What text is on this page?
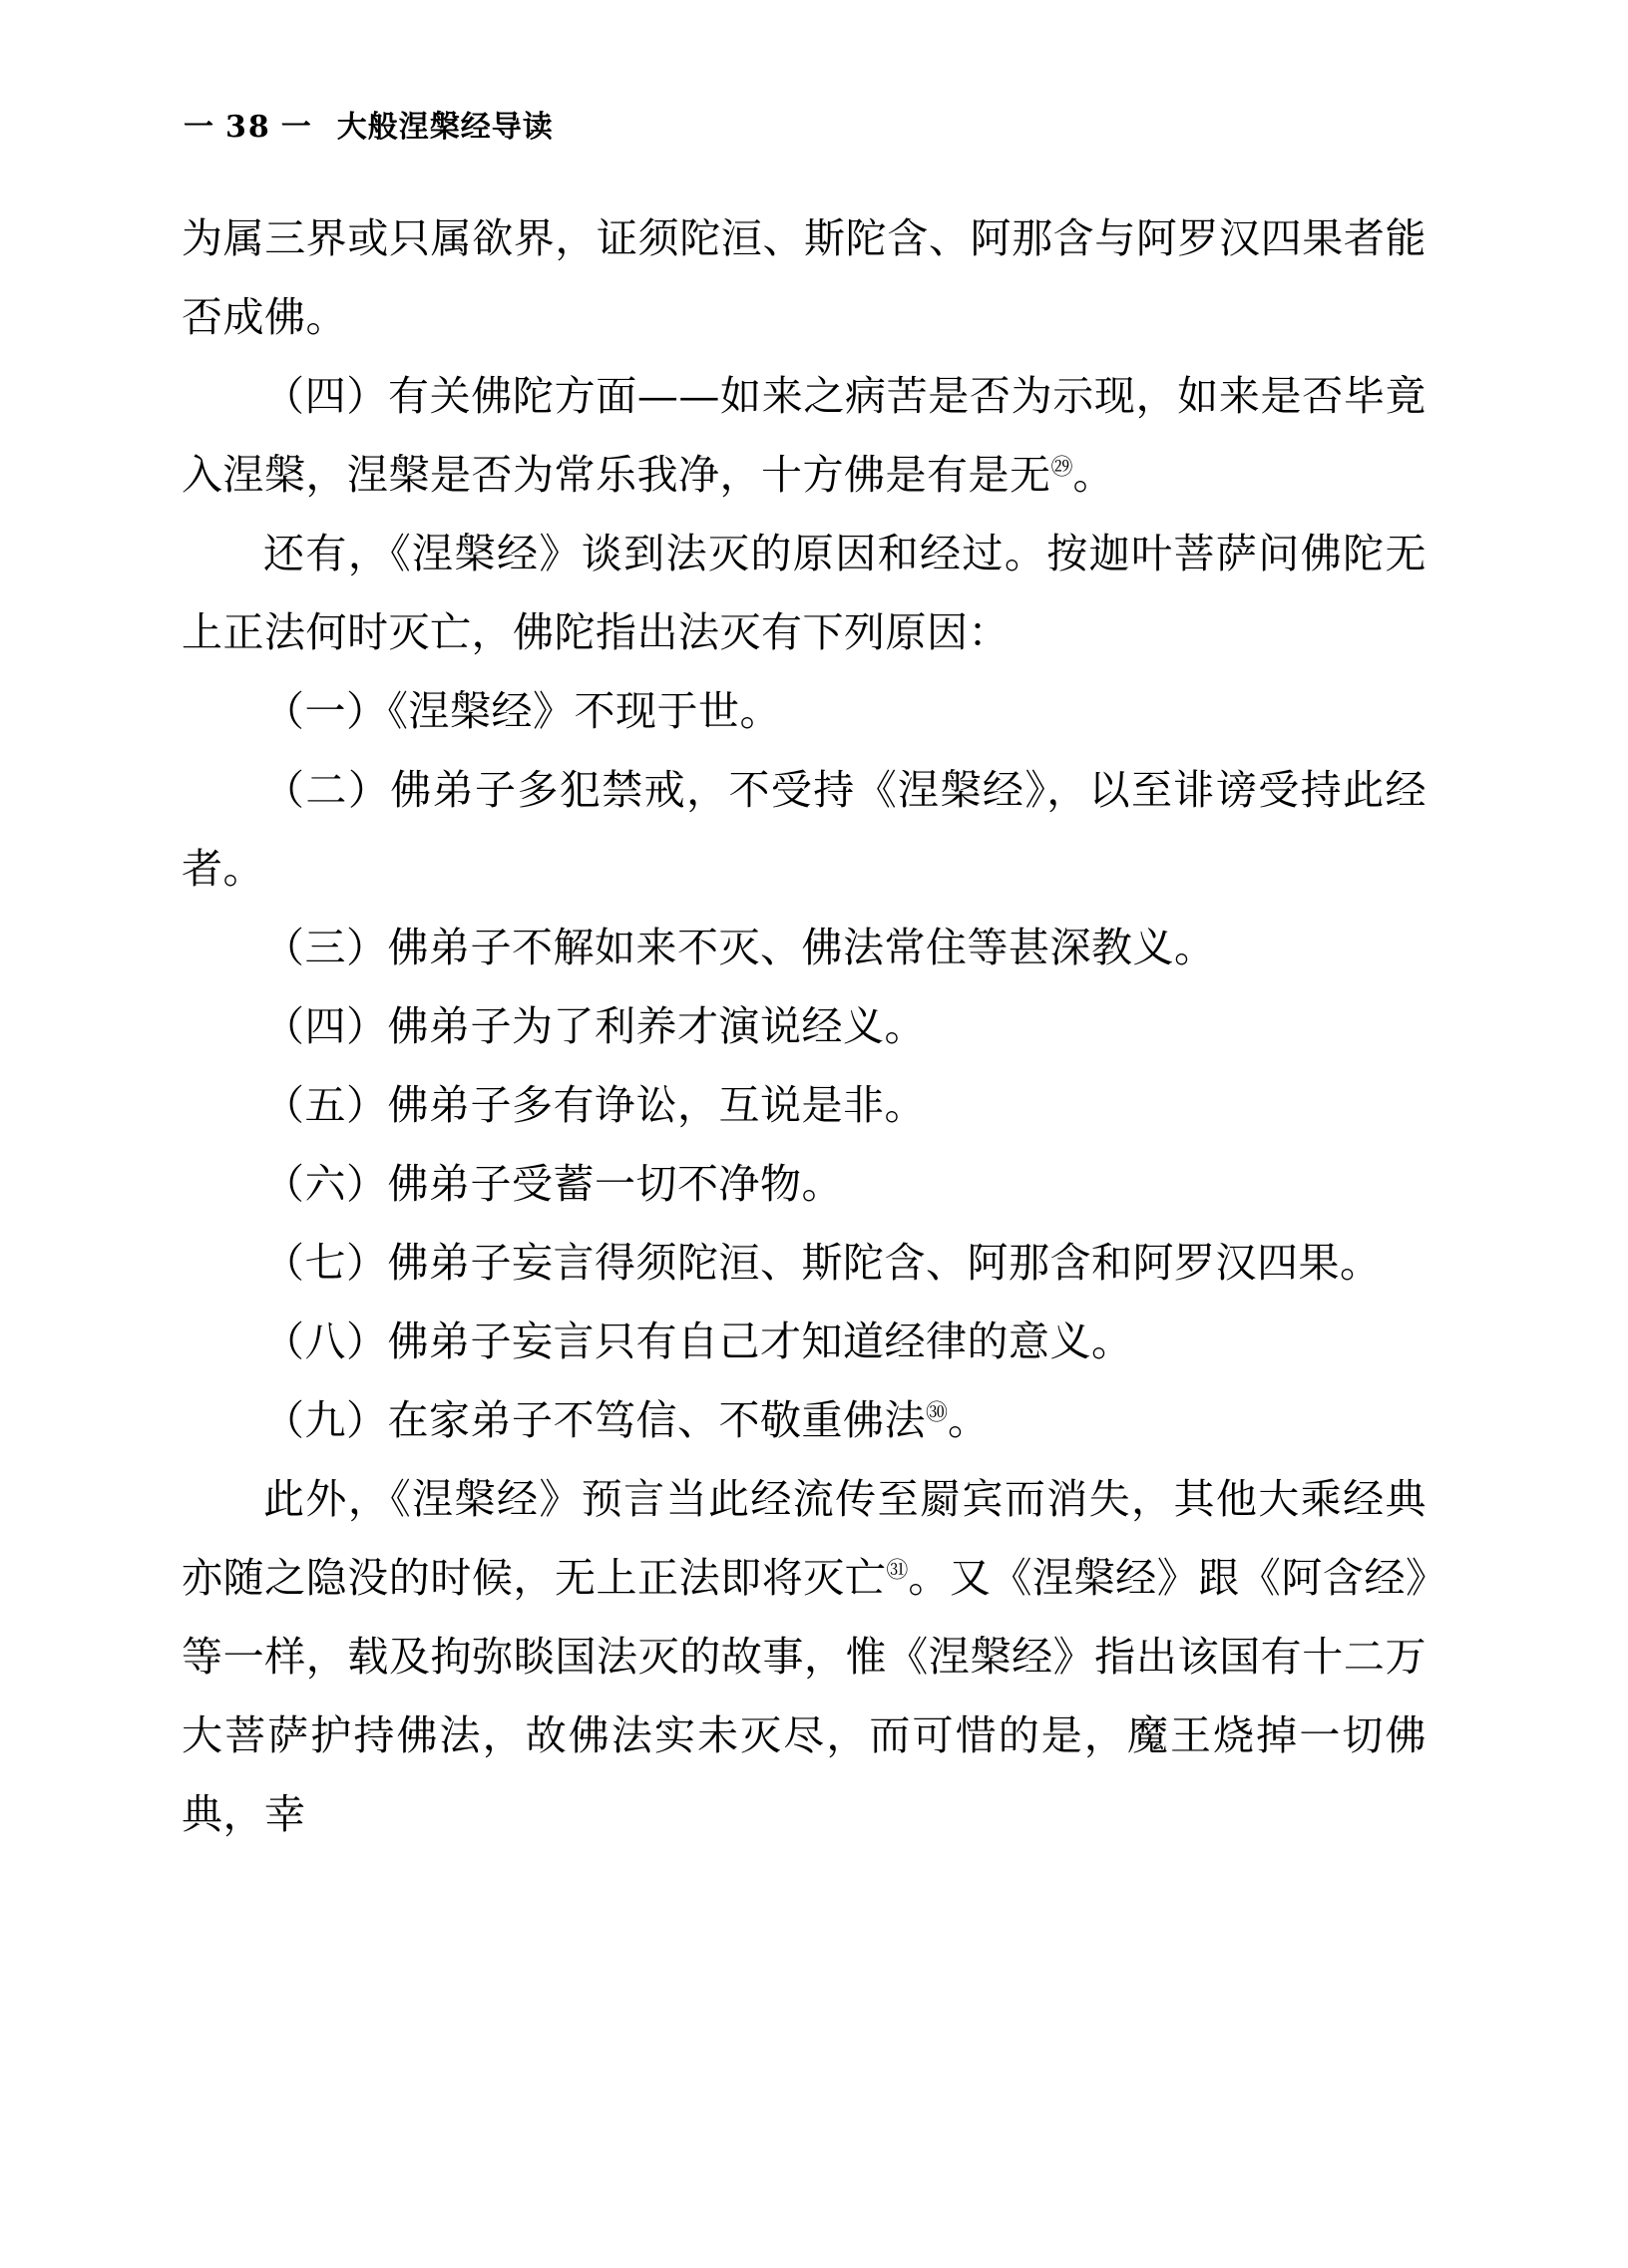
一 38 一 大般涅槃经导读

为属三界或只属欲界，证须陀洹、斯陀含、阿那含与阿罗汉四果者能否成佛。

（四）有关佛陀方面——如来之病苦是否为示现，如来是否毕竟入涅槃，涅槃是否为常乐我净，十方佛是有是无$^㉙$。

还有，《涅槃经》谈到法灭的原因和经过。按迦叶菩萨问佛陀无上正法何时灭亡，佛陀指出法灭有下列原因：

（一）《涅槃经》不现于世。

（二）佛弟子多犯禁戒，不受持《涅槃经》，以至诽谤受持此经者。

（三）佛弟子不解如来不灭、佛法常住等甚深教义。

（四）佛弟子为了利养才演说经义。

（五）佛弟子多有诤讼，互说是非。

（六）佛弟子受蓄一切不净物。

（七）佛弟子妄言得须陀洹、斯陀含、阿那含和阿罗汉四果。

（八）佛弟子妄言只有自己才知道经律的意义。

（九）在家弟子不笃信、不敬重佛法$^㉚$。

此外，《涅槃经》预言当此经流传至罽宾而消失，其他大乘经典亦随之隐没的时候，无上正法即将灭亡$^㉛$。又《涅槃经》跟《阿含经》等一样，载及拘弥睒国法灭的故事，惟《涅槃经》指出该国有十二万大菩萨护持佛法，故佛法实未灭尽，而可惜的是，魔王烧掉一切佛典，幸
